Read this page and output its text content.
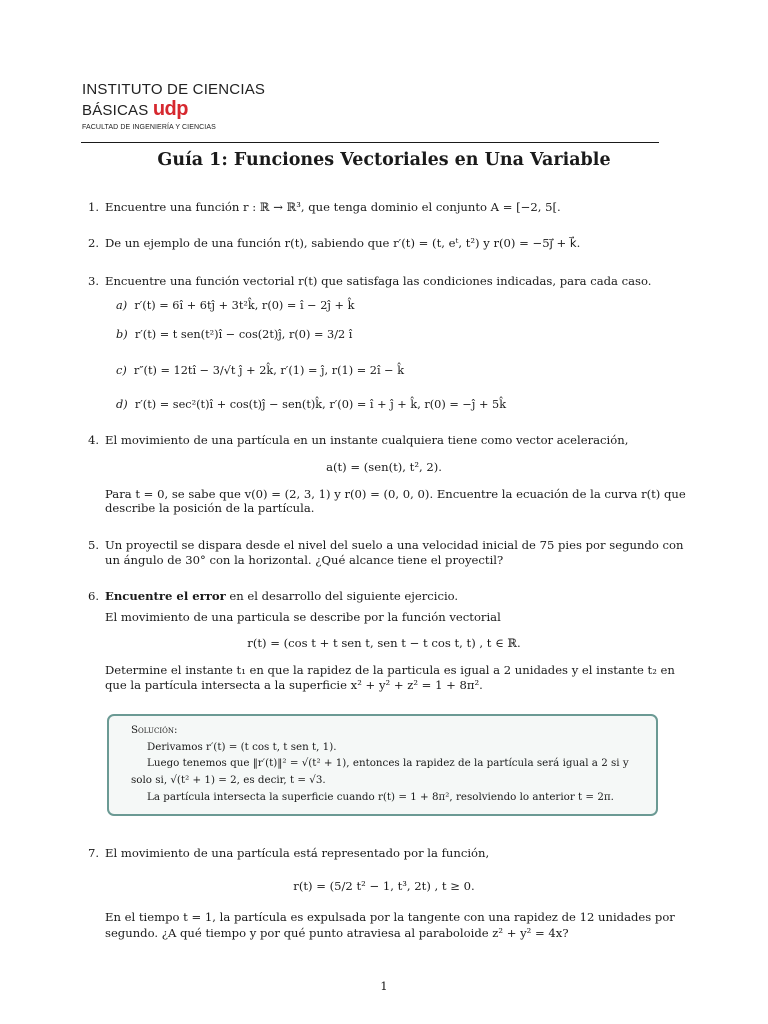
INSTITUTO DE CIENCIAS
BÁSICAS udp
FACULTAD DE INGENIERÍA Y CIENCIAS
Guía 1: Funciones Vectoriales en Una Variable
1. Encuentre una función r : ℝ → ℝ³, que tenga dominio el conjunto A = [−2, 5[.
2. De un ejemplo de una función r(t), sabiendo que r′(t) = (t, eᵗ, t²) y r(0) = −5j⃗ + k⃗.
3. Encuentre una función vectorial r(t) que satisfaga las condiciones indicadas, para cada caso.
a) r′(t) = 6î + 6tĵ + 3t²k̂, r(0) = î − 2ĵ + k̂
b) r′(t) = t sen(t²)î − cos(2t)ĵ, r(0) = 3/2 î
c) r″(t) = 12tî − 3/√t ĵ + 2k̂, r′(1) = ĵ, r(1) = 2î − k̂
d) r′(t) = sec²(t)î + cos(t)ĵ − sen(t)k̂, r′(0) = î + ĵ + k̂, r(0) = −ĵ + 5k̂
4. El movimiento de una partícula en un instante cualquiera tiene como vector aceleración,
a(t) = (sen(t), t², 2).
Para t = 0, se sabe que v(0) = (2, 3, 1) y r(0) = (0, 0, 0). Encuentre la ecuación de la curva r(t) que
describe la posición de la partícula.
5. Un proyectil se dispara desde el nivel del suelo a una velocidad inicial de 75 pies por segundo con
un ángulo de 30° con la horizontal. ¿Qué alcance tiene el proyectil?
6. Encuentre el error en el desarrollo del siguiente ejercicio.
El movimiento de una particula se describe por la función vectorial
r(t) = (cos t + t sen t, sen t − t cos t, t) , t ∈ ℝ.
Determine el instante t₁ en que la rapidez de la particula es igual a 2 unidades y el instante t₂ en
que la partícula intersecta a la superficie x² + y² + z² = 1 + 8π².
Solución:
Derivamos r′(t) = (t cos t, t sen t, 1).
Luego tenemos que ‖r′(t)‖² = √(t² + 1), entonces la rapidez de la partícula será igual a 2 si y
solo si, √(t² + 1) = 2, es decir, t = √3.
La partícula intersecta la superficie cuando r(t) = 1 + 8π², resolviendo lo anterior t = 2π.
7. El movimiento de una partícula está representado por la función,
r(t) = (5/2 t² − 1, t³, 2t) , t ≥ 0.
En el tiempo t = 1, la partícula es expulsada por la tangente con una rapidez de 12 unidades por
segundo. ¿A qué tiempo y por qué punto atraviesa al paraboloide z² + y² = 4x?
1
